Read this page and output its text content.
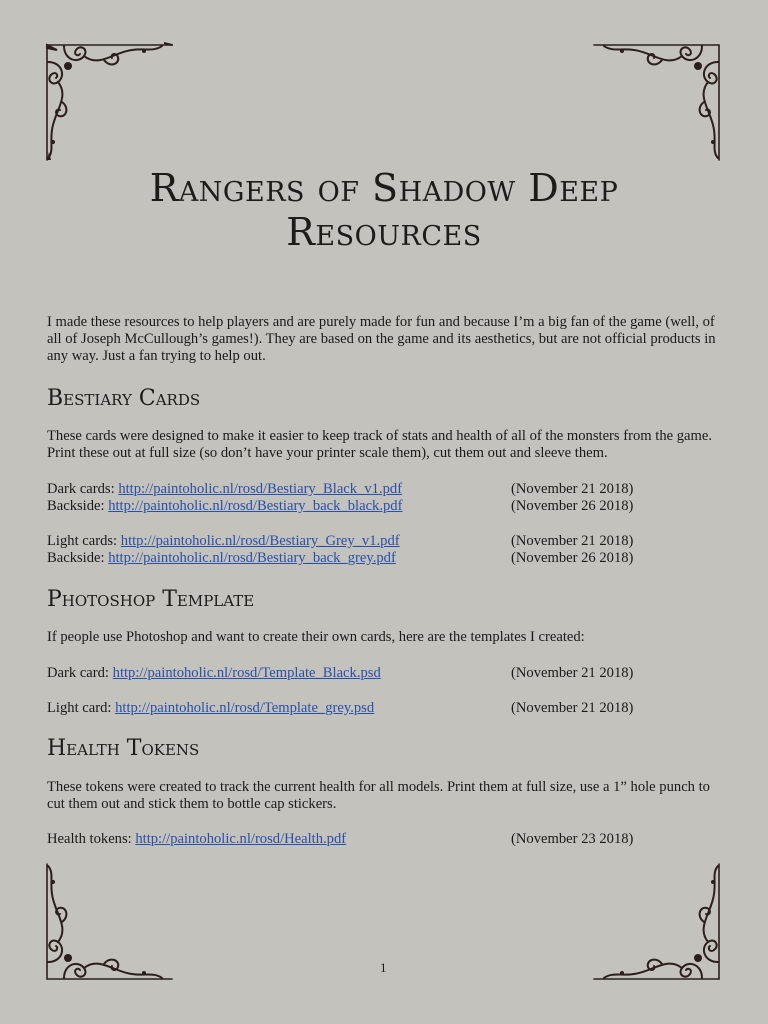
Rangers of Shadow Deep
Resources

I made these resources to help players and are purely made for fun and because I’m a big fan of the game (well, of all of Joseph McCullough’s games!). They are based on the game and its aesthetics, but are not official products in any way. Just a fan trying to help out.

Bestiary Cards

These cards were designed to make it easier to keep track of stats and health of all of the monsters from the game. Print these out at full size (so don’t have your printer scale them), cut them out and sleeve them.

Dark cards: http://paintoholic.nl/rosd/Bestiary_Black_v1.pdf	(November 21 2018)
Backside: http://paintoholic.nl/rosd/Bestiary_back_black.pdf	(November 26 2018)
Light cards: http://paintoholic.nl/rosd/Bestiary_Grey_v1.pdf	(November 21 2018)
Backside: http://paintoholic.nl/rosd/Bestiary_back_grey.pdf	(November 26 2018)
Photoshop Template

If people use Photoshop and want to create their own cards, here are the templates I created:

Dark card: http://paintoholic.nl/rosd/Template_Black.psd	(November 21 2018)
Light card: http://paintoholic.nl/rosd/Template_grey.psd	(November 21 2018)
Health Tokens

These tokens were created to track the current health for all models. Print them at full size, use a 1” hole punch to cut them out and stick them to bottle cap stickers.

Health tokens: http://paintoholic.nl/rosd/Health.pdf	(November 23 2018)
1
